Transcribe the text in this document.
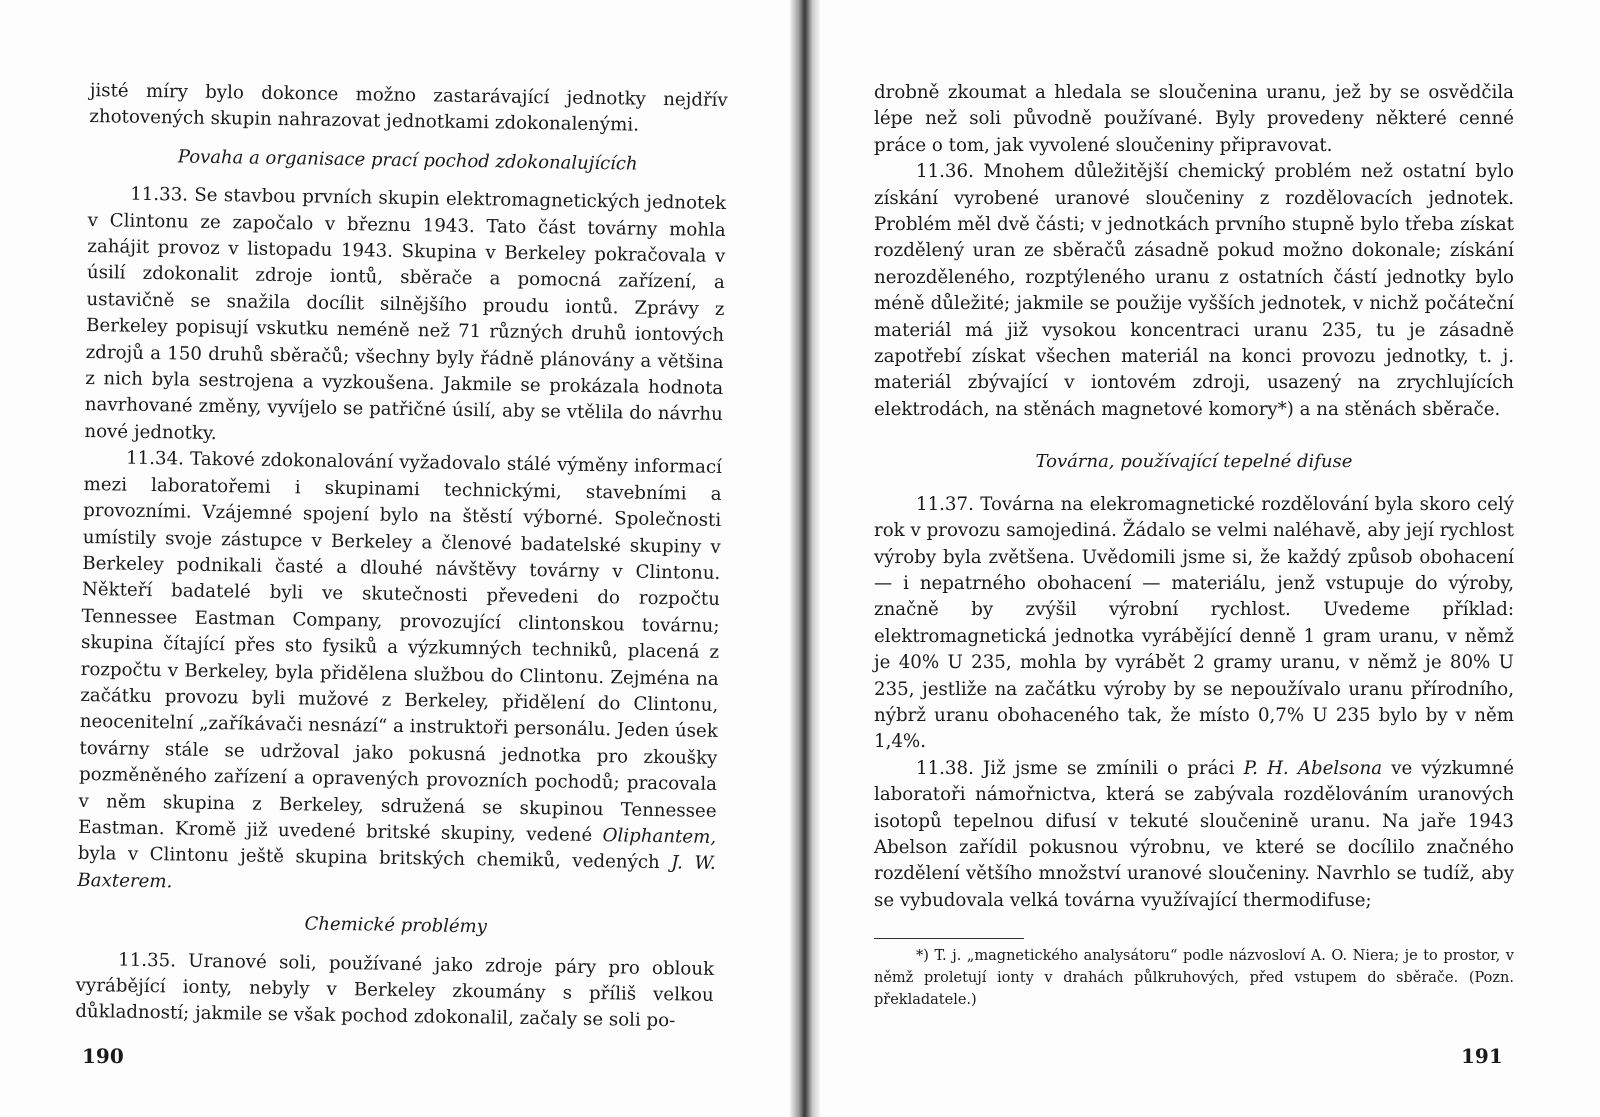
jisté míry bylo dokonce možno zastarávající jednotky nejdřív zhotovených skupin nahrazovat jednotkami zdokonalenými.

Povaha a organisace prací pochod zdokonalujících

11.33. Se stavbou prvních skupin elektromagnetických jednotek v Clintonu ze započalo v březnu 1943. Tato část továrny mohla zahájit provoz v listopadu 1943. Skupina v Berkeley pokračovala v úsilí zdokonalit zdroje iontů, sběrače a pomocná zařízení, a ustavičně se snažila docílit silnějšího proudu iontů. Zprávy z Berkeley popisují vskutku neméně než 71 různých druhů iontových zdrojů a 150 druhů sběračů; všechny byly řádně plánovány a většina z nich byla sestrojena a vyzkoušena. Jakmile se prokázala hodnota navrhované změny, vyvíjelo se patřičné úsilí, aby se vtělila do návrhu nové jednotky.

11.34. Takové zdokonalování vyžadovalo stálé výměny informací mezi laboratořemi i skupinami technickými, stavebními a provozními. Vzájemné spojení bylo na štěstí výborné. Společnosti umístily svoje zástupce v Berkeley a členové badatelské skupiny v Berkeley podnikali časté a dlouhé návštěvy továrny v Clintonu. Někteří badatelé byli ve skutečnosti převedeni do rozpočtu Tennessee Eastman Company, provozující clintonskou továrnu; skupina čítající přes sto fysiků a výzkumných techniků, placená z rozpočtu v Berkeley, byla přidělena službou do Clintonu. Zejména na začátku provozu byli mužové z Berkeley, přidělení do Clintonu, neocenitelní „zaříkávači nesnází“ a instruktoři personálu. Jeden úsek továrny stále se udržoval jako pokusná jednotka pro zkoušky pozměněného zařízení a opravených provozních pochodů; pracovala v něm skupina z Berkeley, sdružená se skupinou Tennessee Eastman. Kromě již uvedené britské skupiny, vedené Oliphantem, byla v Clintonu ještě skupina britských chemiků, vedených J. W. Baxterem.

Chemické problémy

11.35. Uranové soli, používané jako zdroje páry pro oblouk vyrábějící ionty, nebyly v Berkeley zkoumány s příliš velkou důkladností; jakmile se však pochod zdokonalil, začaly se soli po-

190

drobně zkoumat a hledala se sloučenina uranu, jež by se osvědčila lépe než soli původně používané. Byly provedeny některé cenné práce o tom, jak vyvolené sloučeniny připravovat.

11.36. Mnohem důležitější chemický problém než ostatní bylo získání vyrobené uranové sloučeniny z rozdělovacích jednotek. Problém měl dvě části; v jednotkách prvního stupně bylo třeba získat rozdělený uran ze sběračů zásadně pokud možno dokonale; získání nerozděleného, rozptýleného uranu z ostatních částí jednotky bylo méně důležité; jakmile se použije vyšších jednotek, v nichž počáteční materiál má již vysokou koncentraci uranu 235, tu je zásadně zapotřebí získat všechen materiál na konci provozu jednotky, t. j. materiál zbývající v iontovém zdroji, usazený na zrychlujících elektrodách, na stěnách magnetové komory*) a na stěnách sběrače.

Továrna, používající tepelné difuse

11.37. Továrna na elekromagnetické rozdělování byla skoro celý rok v provozu samojediná. Žádalo se velmi naléhavě, aby její rychlost výroby byla zvětšena. Uvědomili jsme si, že každý způsob obohacení — i nepatrného obohacení — materiálu, jenž vstupuje do výroby, značně by zvýšil výrobní rychlost. Uvedeme příklad: elektromagnetická jednotka vyrábějící denně 1 gram uranu, v němž je 40% U 235, mohla by vyrábět 2 gramy uranu, v němž je 80% U 235, jestliže na začátku výroby by se nepoužívalo uranu přírodního, nýbrž uranu obohaceného tak, že místo 0,7% U 235 bylo by v něm 1,4%.

11.38. Již jsme se zmínili o práci P. H. Abelsona ve výzkumné laboratoři námořnictva, která se zabývala rozdělováním uranových isotopů tepelnou difusí v tekuté sloučenině uranu. Na jaře 1943 Abelson zařídil pokusnou výrobnu, ve které se docílilo značného rozdělení většího množství uranové sloučeniny. Navrhlo se tudíž, aby se vybudovala velká továrna využívající thermodifuse;

*) T. j. „magnetického analysátoru“ podle názvosloví A. O. Niera; je to prostor, v němž proletují ionty v drahách půlkruhových, před vstupem do sběrače. (Pozn. překladatele.)

191
